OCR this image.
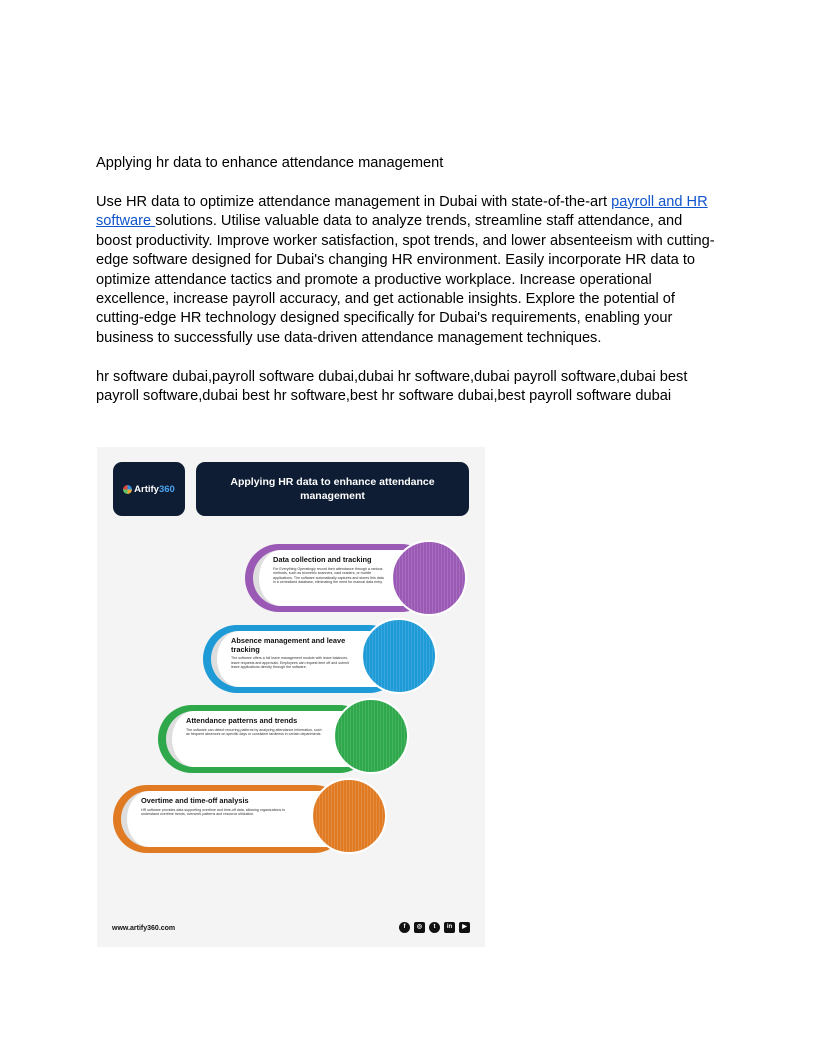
Applying hr data to enhance attendance management
Use HR data to optimize attendance management in Dubai with state-of-the-art payroll and HR software solutions. Utilise valuable data to analyze trends, streamline staff attendance, and boost productivity. Improve worker satisfaction, spot trends, and lower absenteeism with cutting-edge software designed for Dubai's changing HR environment. Easily incorporate HR data to optimize attendance tactics and promote a productive workplace. Increase operational excellence, increase payroll accuracy, and get actionable insights. Explore the potential of cutting-edge HR technology designed specifically for Dubai's requirements, enabling your business to successfully use data-driven attendance management techniques.
hr software dubai,payroll software dubai,dubai hr software,dubai payroll software,dubai best payroll software,dubai best hr software,best hr software dubai,best payroll software dubai
Artify360
Applying HR data to enhance attendance management
Data collection and tracking
For Everything Operatingly record their attendance through a various methods, such as biometric scanners, card readers, or mobile applications. The software automatically captures and stores this data in a centralized database, eliminating the need for manual data entry.
Absence management and leave tracking
The software offers a full leave management module with leave balances, leave requests and approvals. Employees can request time off and submit leave applications directly through the software.
Attendance patterns and trends
The software can detect recurring patterns by analyzing attendance information, such as frequent absences on specific days or consistent tardiness in certain departments.
Overtime and time-off analysis
HR software provides data supporting overtime and time-off data, allowing organizations to understand overtime trends, overwork patterns and resource utilization.
www.artify360.com	f	◎	t	in	▶
